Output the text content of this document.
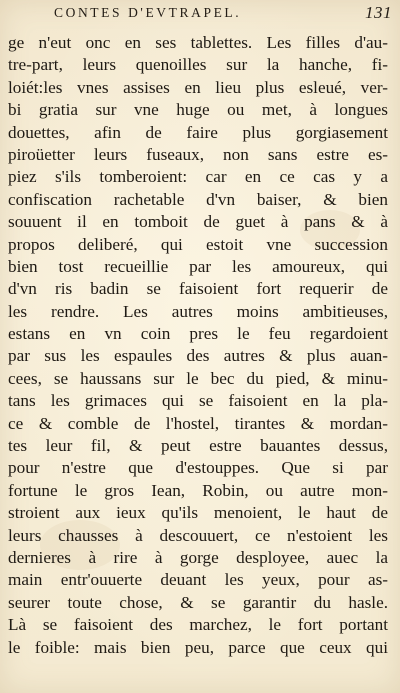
CONTES D'EVTRAPEL.	131
ge n'eut onc en ses tablettes. Les filles d'au-
tre-part, leurs quenoilles sur la hanche, fi-
loiét:les vnes assises en lieu plus esleué, ver-
bi gratia sur vne huge ou met, à longues
douettes, afin de faire plus gorgiasement
piroüetter leurs fuseaux, non sans estre es-
piez s'ils tomberoient: car en ce cas y a
confiscation rachetable d'vn baiser, & bien
souuent il en tomboit de guet à pans & à
propos deliberé, qui estoit vne succession
bien tost recueillie par les amoureux, qui
d'vn ris badin se faisoient fort requerir de
les rendre. Les autres moins ambitieuses,
estans en vn coin pres le feu regardoient
par sus les espaules des autres & plus auan-
cees, se haussans sur le bec du pied, & minu-
tans les grimaces qui se faisoient en la pla-
ce & comble de l'hostel, tirantes & mordan-
tes leur fil, & peut estre bauantes dessus,
pour n'estre que d'estouppes. Que si par
fortune le gros Iean, Robin, ou autre mon-
stroient aux ieux qu'ils menoient, le haut de
leurs chausses à descouuert, ce n'estoient les
dernieres à rire à gorge desployee, auec la
main entr'ouuerte deuant les yeux, pour as-
seurer toute chose, & se garantir du hasle.
Là se faisoient des marchez, le fort portant
le foible: mais bien peu, parce que ceux qui
